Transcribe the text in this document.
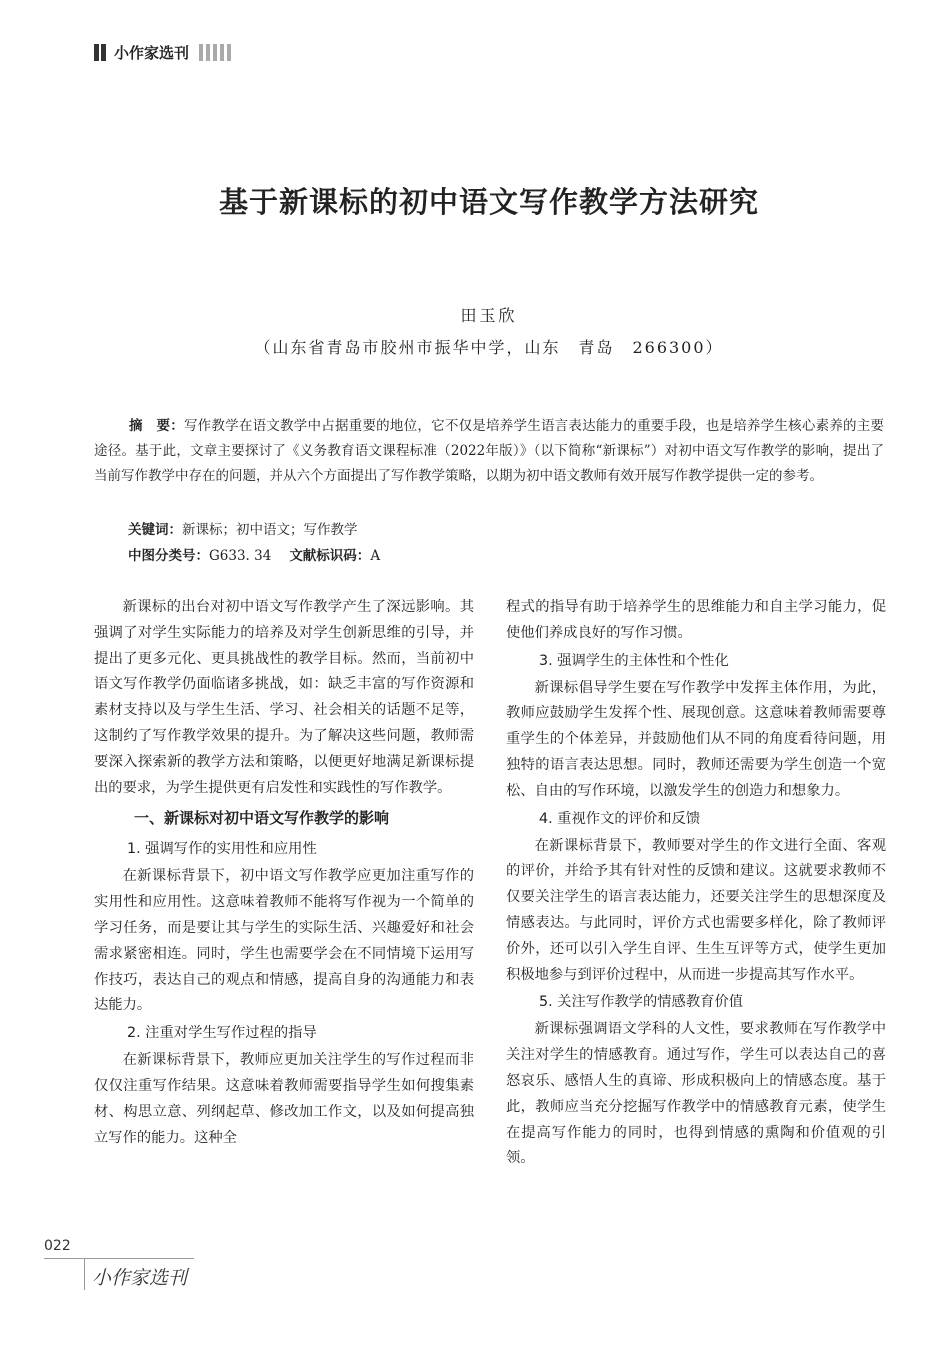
小作家选刊
基于新课标的初中语文写作教学方法研究
田玉欣
（山东省青岛市胶州市振华中学，山东　青岛　266300）
摘　要：写作教学在语文教学中占据重要的地位，它不仅是培养学生语言表达能力的重要手段，也是培养学生核心素养的主要途径。基于此，文章主要探讨了《义务教育语文课程标准（2022年版）》（以下简称“新课标”）对初中语文写作教学的影响，提出了当前写作教学中存在的问题，并从六个方面提出了写作教学策略，以期为初中语文教师有效开展写作教学提供一定的参考。
关键词：新课标；初中语文；写作教学
中图分类号：G633. 34 文献标识码：A

新课标的出台对初中语文写作教学产生了深远影响。其强调了对学生实际能力的培养及对学生创新思维的引导，并提出了更多元化、更具挑战性的教学目标。然而，当前初中语文写作教学仍面临诸多挑战，如：缺乏丰富的写作资源和素材支持以及与学生生活、学习、社会相关的话题不足等，这制约了写作教学效果的提升。为了解决这些问题，教师需要深入探索新的教学方法和策略，以便更好地满足新课标提出的要求，为学生提供更有启发性和实践性的写作教学。

一、新课标对初中语文写作教学的影响
1. 强调写作的实用性和应用性

在新课标背景下，初中语文写作教学应更加注重写作的实用性和应用性。这意味着教师不能将写作视为一个简单的学习任务，而是要让其与学生的实际生活、兴趣爱好和社会需求紧密相连。同时，学生也需要学会在不同情境下运用写作技巧，表达自己的观点和情感，提高自身的沟通能力和表达能力。

2. 注重对学生写作过程的指导

在新课标背景下，教师应更加关注学生的写作过程而非仅仅注重写作结果。这意味着教师需要指导学生如何搜集素材、构思立意、列纲起草、修改加工作文，以及如何提高独立写作的能力。这种全

程式的指导有助于培养学生的思维能力和自主学习能力，促使他们养成良好的写作习惯。

3. 强调学生的主体性和个性化

新课标倡导学生要在写作教学中发挥主体作用，为此，教师应鼓励学生发挥个性、展现创意。这意味着教师需要尊重学生的个体差异，并鼓励他们从不同的角度看待问题，用独特的语言表达思想。同时，教师还需要为学生创造一个宽松、自由的写作环境，以激发学生的创造力和想象力。

4. 重视作文的评价和反馈

在新课标背景下，教师要对学生的作文进行全面、客观的评价，并给予其有针对性的反馈和建议。这就要求教师不仅要关注学生的语言表达能力，还要关注学生的思想深度及情感表达。与此同时，评价方式也需要多样化，除了教师评价外，还可以引入学生自评、生生互评等方式，使学生更加积极地参与到评价过程中，从而进一步提高其写作水平。

5. 关注写作教学的情感教育价值

新课标强调语文学科的人文性，要求教师在写作教学中关注对学生的情感教育。通过写作，学生可以表达自己的喜怒哀乐、感悟人生的真谛、形成积极向上的情感态度。基于此，教师应当充分挖掘写作教学中的情感教育元素，使学生在提高写作能力的同时，也得到情感的熏陶和价值观的引领。

022
小作家选刊
